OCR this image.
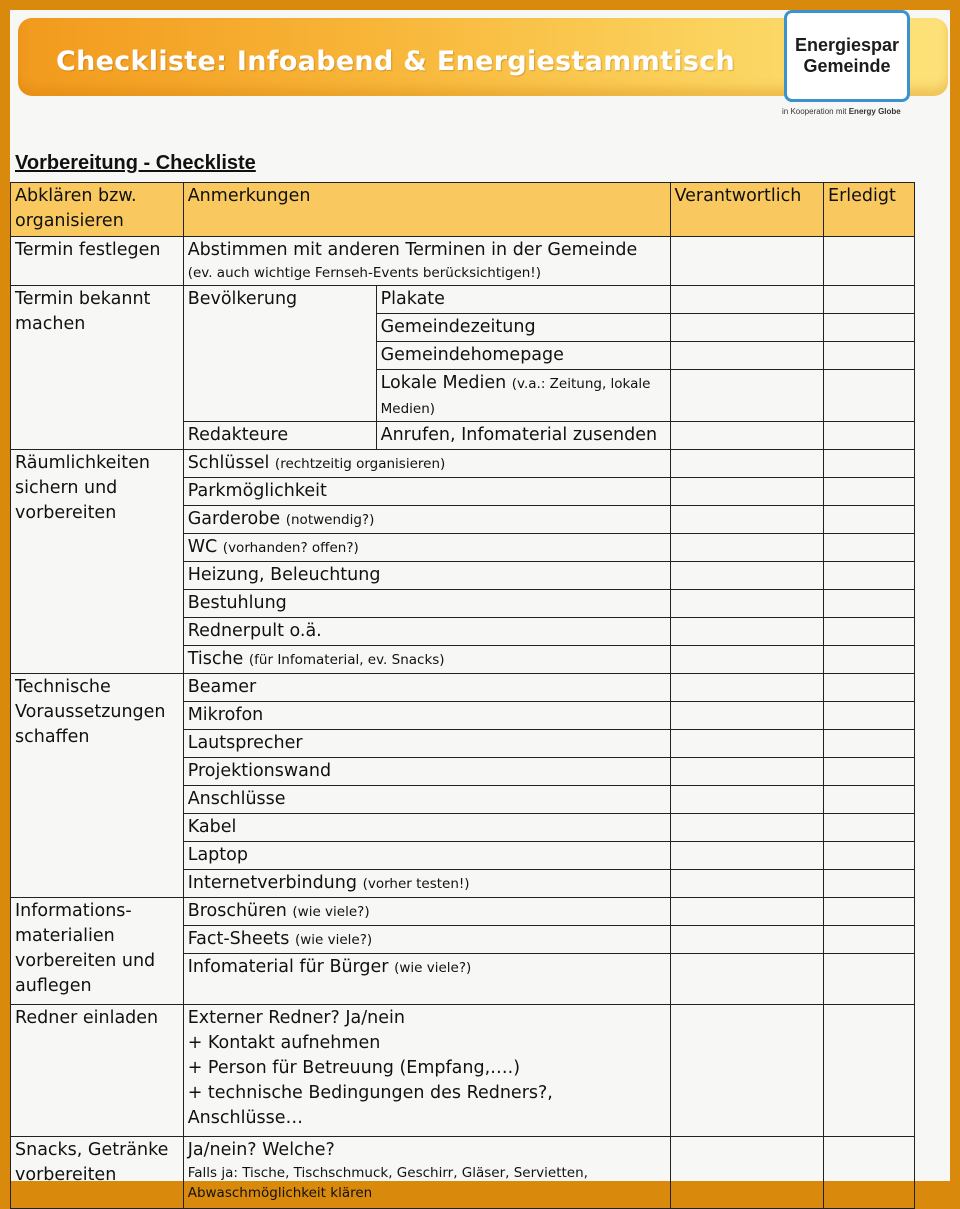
Checkliste: Infoabend & Energiestammtisch
Energiespar
Gemeinde
in Kooperation mit Energy Globe
Vorbereitung - Checkliste
Abklären bzw. organisieren	Anmerkungen		Verantwortlich	Erledigt
Termin festlegen	Abstimmen mit anderen Terminen in der Gemeinde
(ev. auch wichtige Fernseh-Events berücksichtigen!)			

Termin bekannt machen	Bevölkerung	Plakate		
		Gemeindezeitung		
		Gemeindehomepage		
		Lokale Medien (v.a.: Zeitung, lokale Medien)		
	Redakteure	Anrufen, Infomaterial zusenden		
Räumlichkeiten sichern und vorbereiten	Schlüssel (rechtzeitig organisieren)			
	Parkmöglichkeit			
	Garderobe (notwendig?)			
	WC (vorhanden? offen?)			
	Heizung, Beleuchtung			
	Bestuhlung			
	Rednerpult o.ä.			
	Tische (für Infomaterial, ev. Snacks)			
Technische Voraussetzungen schaffen	Beamer			
	Mikrofon			
	Lautsprecher			
	Projektionswand			
	Anschlüsse			
	Kabel			
	Laptop			
	Internetverbindung (vorher testen!)			
Informations-materialien vorbereiten und auflegen	Broschüren (wie viele?)			
	Fact-Sheets (wie viele?)			
	Infomaterial für Bürger (wie viele?)			
Redner einladen	Externer Redner? Ja/nein
+ Kontakt aufnehmen
+ Person für Betreuung (Empfang,….)
+ technische Bedingungen des Redners?, Anschlüsse…			

Snacks, Getränke vorbereiten	Ja/nein? Welche?
Falls ja: Tische, Tischschmuck, Geschirr, Gläser, Servietten, Abwaschmöglichkeit klären			
